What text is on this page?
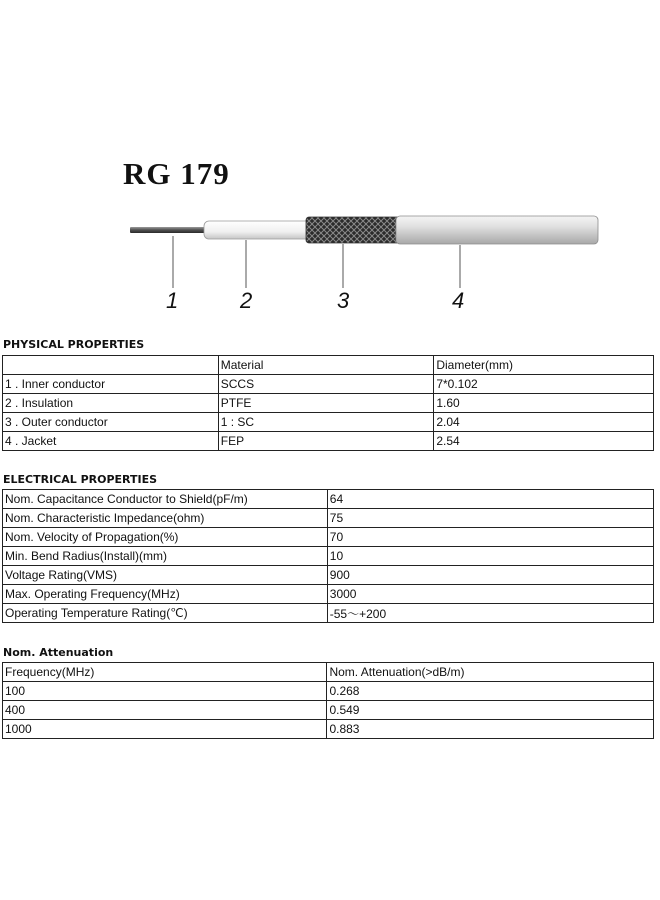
RG 179
1	2	3	4
PHYSICAL PROPERTIES
	Material	Diameter(mm)
1 . Inner conductor	SCCS	7*0.102
2 . Insulation	PTFE	1.60
3 . Outer conductor	1 : SC	2.04
4 . Jacket	FEP	2.54
ELECTRICAL PROPERTIES
Nom. Capacitance Conductor to Shield(pF/m)	64
Nom. Characteristic Impedance(ohm)	75
Nom. Velocity of Propagation(%)	70
Min. Bend Radius(Install)(mm)	10
Voltage Rating(VMS)	900
Max. Operating Frequency(MHz)	3000
Operating Temperature Rating(℃)	-55～+200
Nom. Attenuation
Frequency(MHz)	Nom. Attenuation(>dB/m)
100	0.268
400	0.549
1000	0.883
